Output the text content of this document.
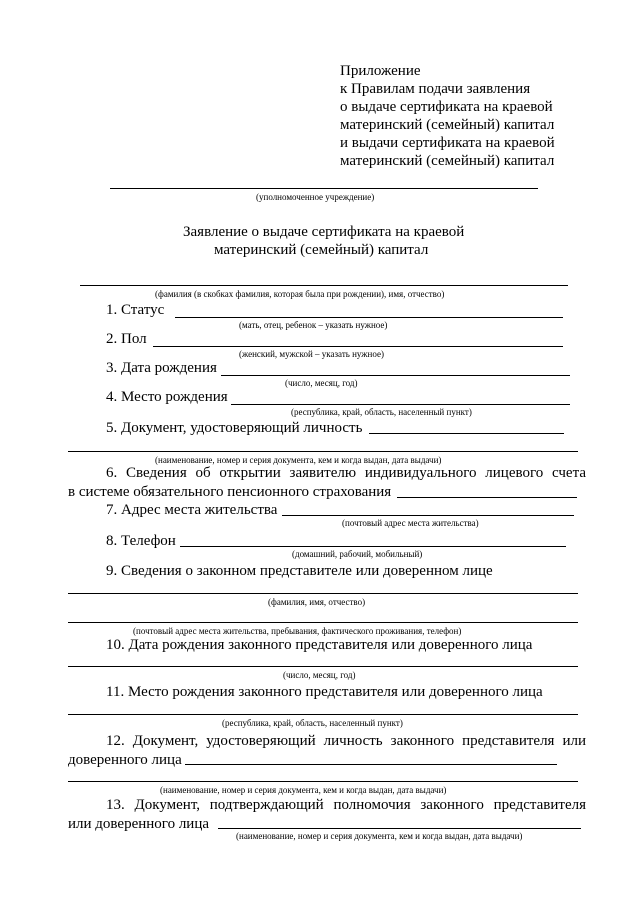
Приложение
к Правилам подачи заявления
о выдаче сертификата на краевой
материнский (семейный) капитал
и выдачи сертификата на краевой
материнский (семейный) капитал
(уполномоченное учреждение)
Заявление о выдаче сертификата на краевой
материнский (семейный) капитал
(фамилия (в скобках фамилия, которая была при рождении), имя, отчество)
1. Статус
(мать, отец, ребенок – указать нужное)
2. Пол
(женский, мужской – указать нужное)
3. Дата рождения
(число, месяц, год)
4. Место рождения
(республика, край, область, населенный пункт)
5. Документ, удостоверяющий личность
(наименование, номер и серия документа, кем и когда выдан, дата выдачи)
6. Сведения об открытии заявителю индивидуального лицевого счета
в системе обязательного пенсионного страхования
7. Адрес места жительства
(почтовый адрес места жительства)
8. Телефон
(домашний, рабочий, мобильный)
9. Сведения о законном представителе или доверенном лице
(фамилия, имя, отчество)
(почтовый адрес места жительства, пребывания, фактического проживания, телефон)
10. Дата рождения законного представителя или доверенного лица
(число, месяц, год)
11. Место рождения законного представителя или доверенного лица
(республика, край, область, населенный пункт)
12. Документ, удостоверяющий личность законного представителя или
доверенного лица
(наименование, номер и серия документа, кем и когда выдан, дата выдачи)
13. Документ, подтверждающий полномочия законного представителя
или доверенного лица
(наименование, номер и серия документа, кем и когда выдан, дата выдачи)
